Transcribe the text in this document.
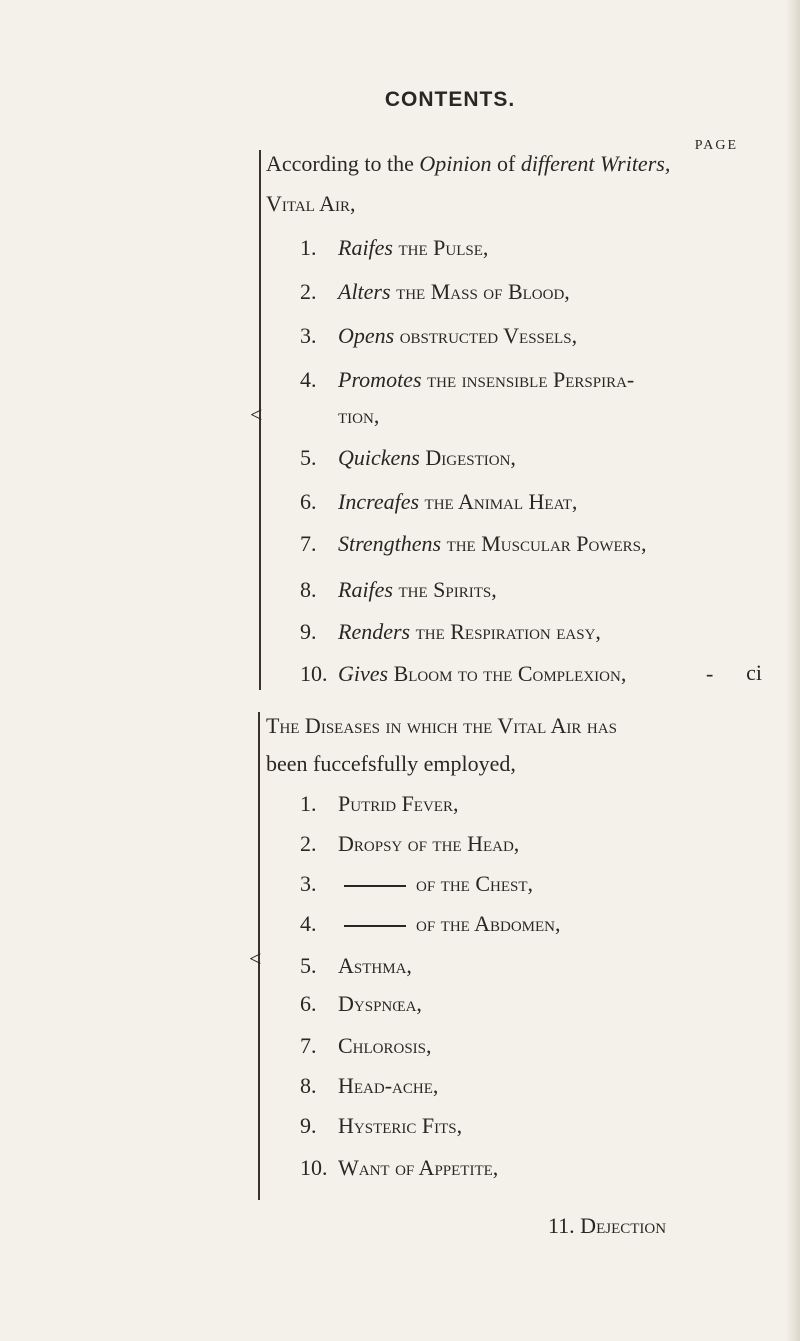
CONTENTS.
PAGE
<
According to the Opinion of different Writers,
Vital Air,
1. Raifes the Pulse,
2. Alters the Mass of Blood,
3. Opens obstructed Vessels,
4. Promotes the insensible Perspira-
tion,
5. Quickens Digestion,
6. Increafes the Animal Heat,
7. Strengthens the Muscular Powers,
8. Raifes the Spirits,
9. Renders the Respiration easy,
10. Gives Bloom to the Complexion,	- ci
<
The Diseases in which the Vital Air has
been fuccefsfully employed,
1. Putrid Fever,
2. Dropsy of the Head,
3.	of the Chest,
4.	of the Abdomen,
5. Asthma,
6. Dyspnœa,
7. Chlorosis,
8. Head-ache,
9. Hysteric Fits,
10. Want of Appetite,
11. Dejection
